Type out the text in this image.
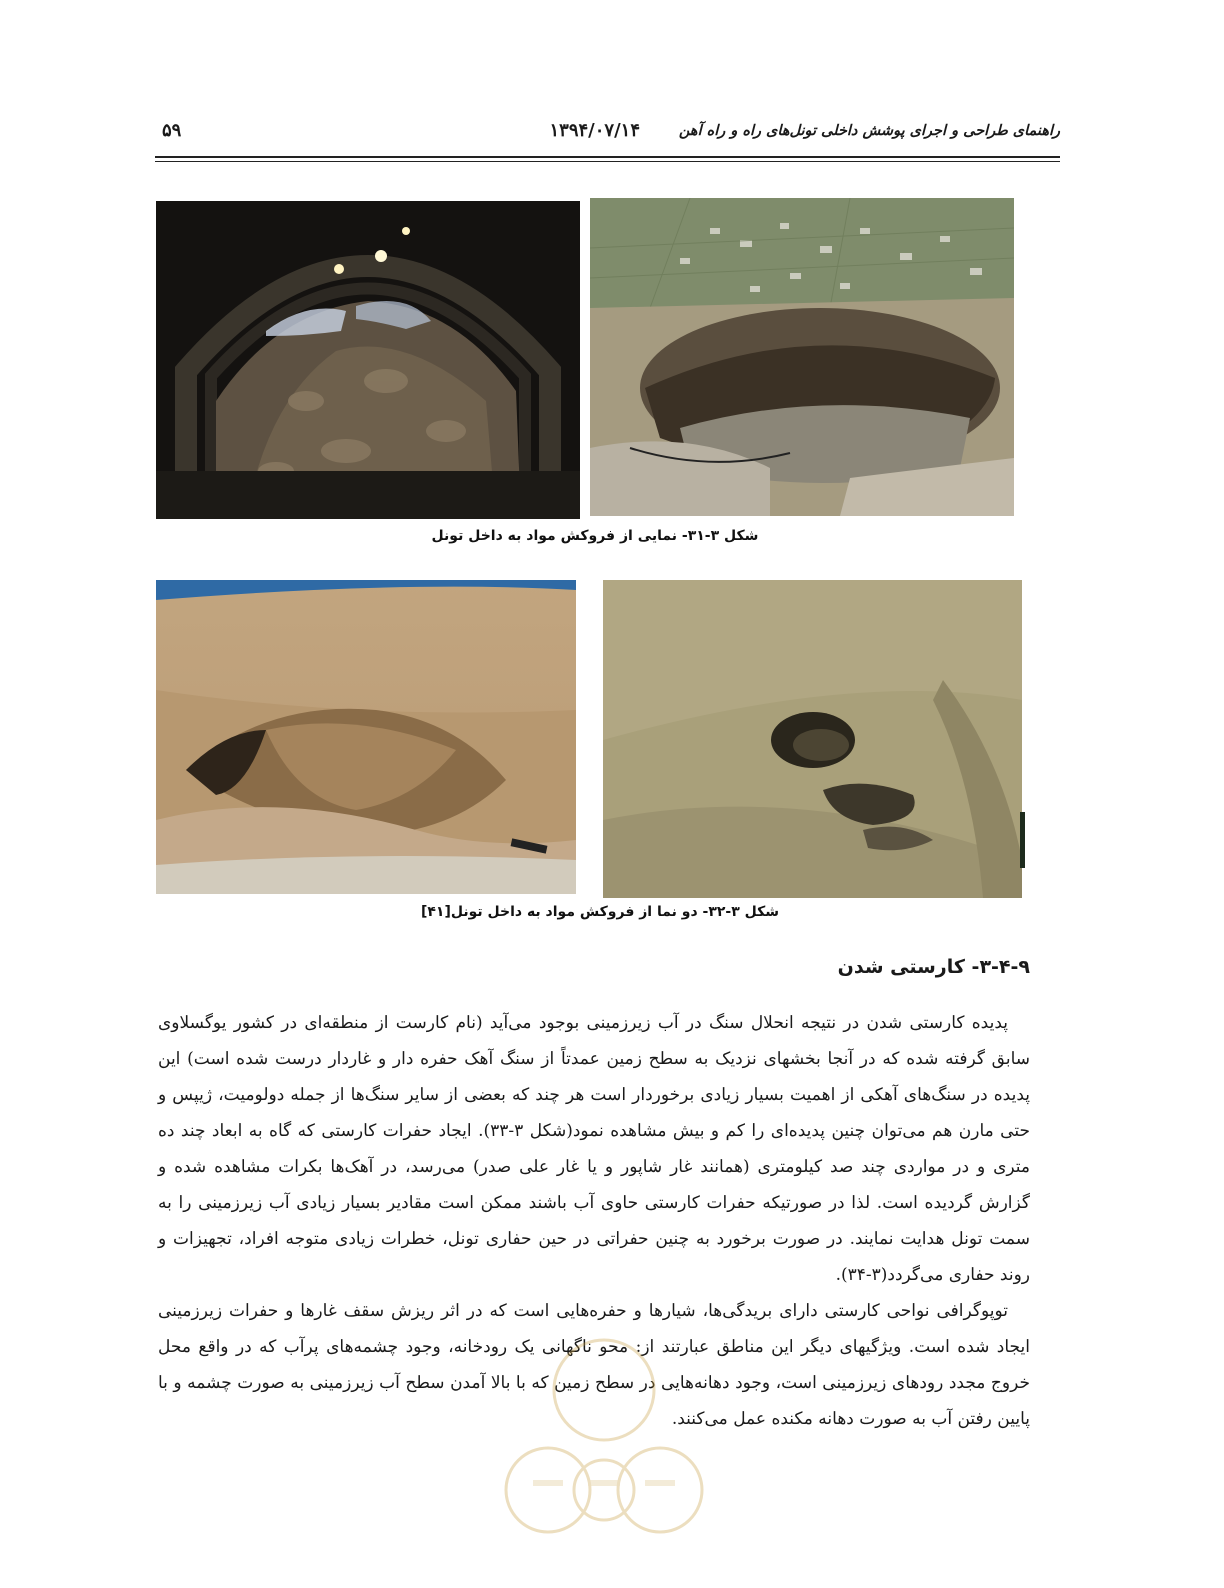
راهنمای طراحی و اجرای پوشش داخلی تونل‌های راه و راه آهن
۱۳۹۴/۰۷/۱۴
۵۹
شکل ۳-۳۱- نمایی از فروکش مواد به داخل تونل
شکل ۳-۳۲- دو نما از فروکش مواد به داخل تونل[۴۱]
۳-۴-۹- کارستی شدن

پدیده کارستی شدن در نتیجه انحلال سنگ در آب زیرزمینی بوجود می‌آید (نام کارست از منطقه‌ای در کشور یوگسلاوی سابق گرفته شده که در آنجا بخشهای نزدیک به سطح زمین عمدتاً از سنگ آهک حفره دار و غاردار درست شده است) این پدیده در سنگ‌های آهکی از اهمیت بسیار زیادی برخوردار است هر چند که بعضی از سایر سنگ‌ها از جمله دولومیت، ژیپس و حتی مارن هم می‌توان چنین پدیده‌ای را کم و بیش مشاهده نمود(شکل ۳-۳۳). ایجاد حفرات کارستی که گاه به ابعاد چند ده متری و در مواردی چند صد کیلومتری (همانند غار شاپور و یا غار علی صدر) می‌رسد، در آهک‌ها بکرات مشاهده شده و گزارش گردیده است. لذا در صورتیکه حفرات کارستی حاوی آب باشند ممکن است مقادیر بسیار زیادی آب زیرزمینی را به سمت تونل هدایت نمایند. در صورت برخورد به چنین حفراتی در حین حفاری تونل، خطرات زیادی متوجه افراد، تجهیزات و روند حفاری می‌گردد(۳-۳۴).

توپوگرافی نواحی کارستی دارای بریدگی‌ها، شیارها و حفره‌هایی است که در اثر ریزش سقف غارها و حفرات زیرزمینی ایجاد شده است. ویژگیهای دیگر این مناطق عبارتند از: محو ناگهانی یک رودخانه، وجود چشمه‌های پرآب که در واقع محل خروج مجدد رودهای زیرزمینی است، وجود دهانه‌هایی در سطح زمین که با بالا آمدن سطح آب زیرزمینی به صورت چشمه و با پایین رفتن آب به صورت دهانه مکنده عمل می‌کنند.
